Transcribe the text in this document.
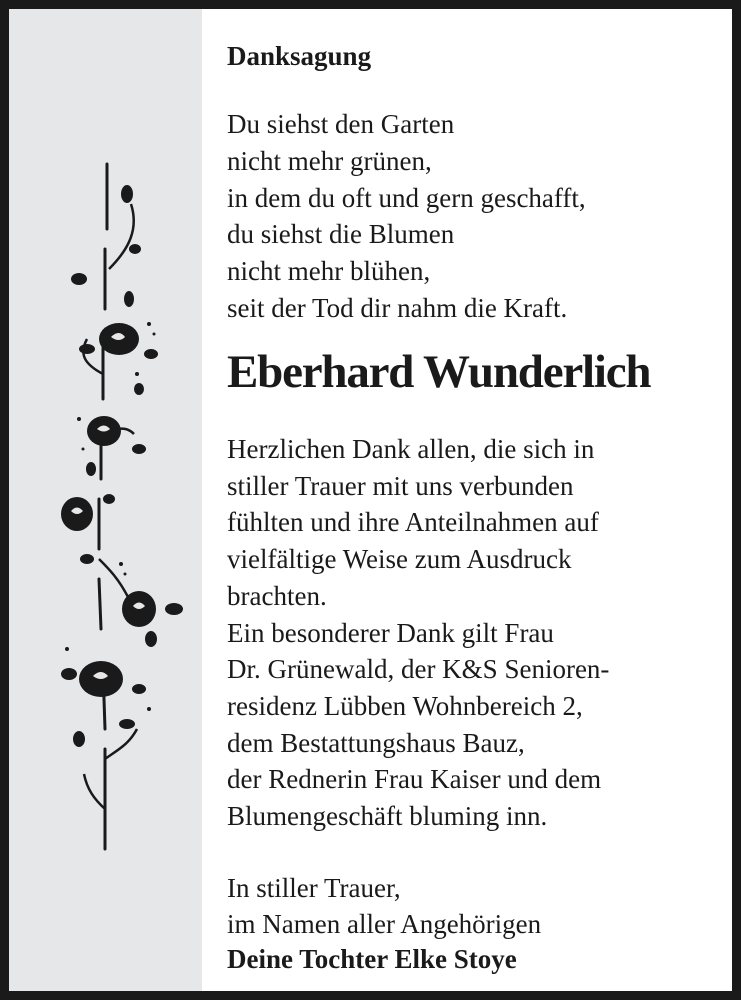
Danksagung
Du siehst den Garten
nicht mehr grünen,
in dem du oft und gern geschafft,
du siehst die Blumen
nicht mehr blühen,
seit der Tod dir nahm die Kraft.
Eberhard Wunderlich
Herzlichen Dank allen, die sich in
stiller Trauer mit uns verbunden
fühlten und ihre Anteilnahmen auf
vielfältige Weise zum Ausdruck
brachten.
Ein besonderer Dank gilt Frau
Dr. Grünewald, der K&S Senioren-
residenz Lübben Wohnbereich 2,
dem Bestattungshaus Bauz,
der Rednerin Frau Kaiser und dem
Blumengeschäft bluming inn.
In stiller Trauer,
im Namen aller Angehörigen
Deine Tochter Elke Stoye
